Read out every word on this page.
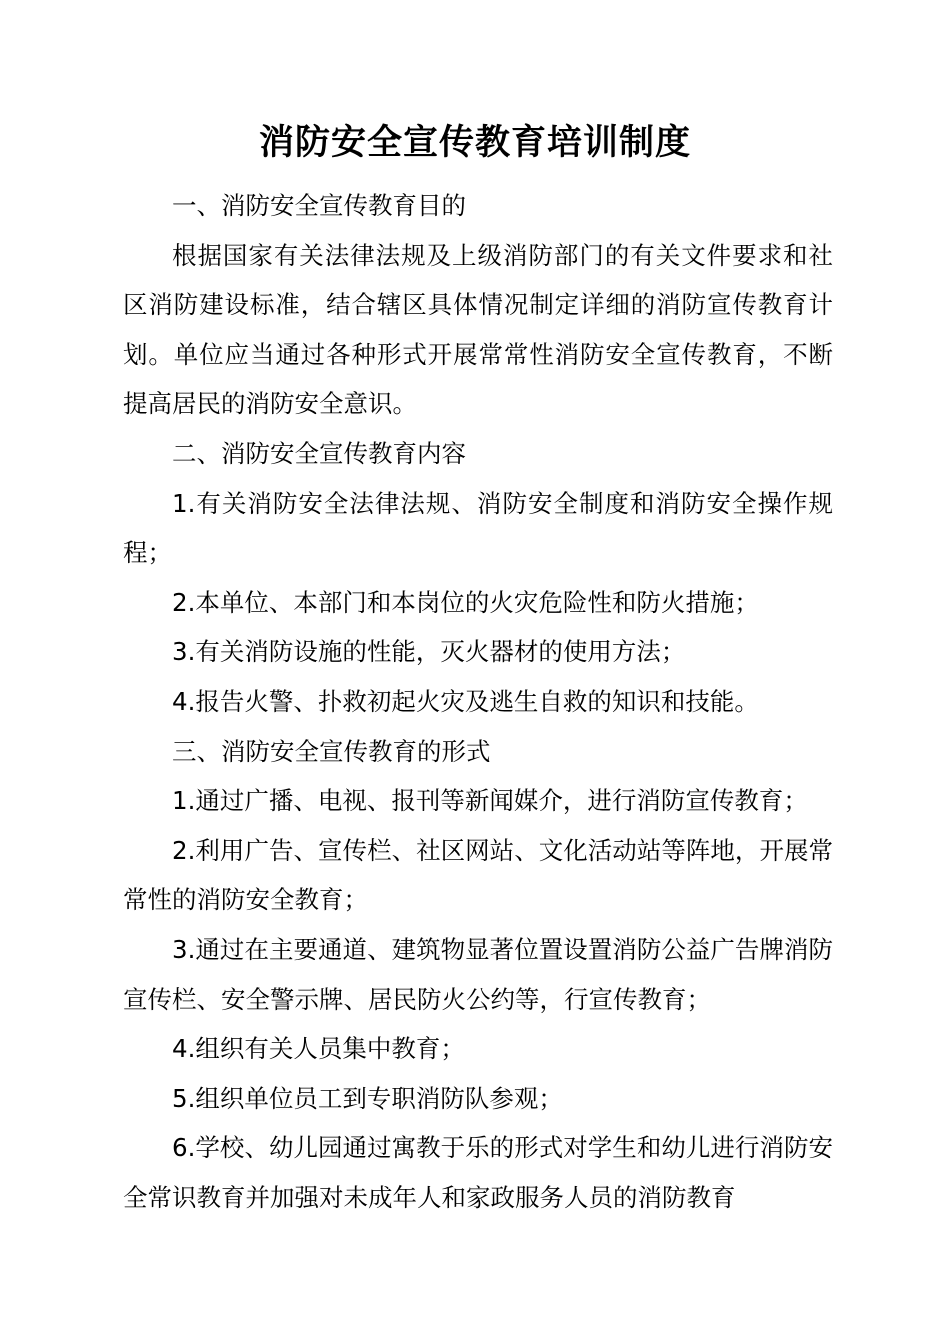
消防安全宣传教育培训制度

一、消防安全宣传教育目的

根据国家有关法律法规及上级消防部门的有关文件要求和社区消防建设标准，结合辖区具体情况制定详细的消防宣传教育计划。单位应当通过各种形式开展常常性消防安全宣传教育，不断提高居民的消防安全意识。

二、消防安全宣传教育内容

1.有关消防安全法律法规、消防安全制度和消防安全操作规程；

2.本单位、本部门和本岗位的火灾危险性和防火措施；

3.有关消防设施的性能，灭火器材的使用方法；

4.报告火警、扑救初起火灾及逃生自救的知识和技能。

三、消防安全宣传教育的形式

1.通过广播、电视、报刊等新闻媒介，进行消防宣传教育；

2.利用广告、宣传栏、社区网站、文化活动站等阵地，开展常常性的消防安全教育；

3.通过在主要通道、建筑物显著位置设置消防公益广告牌消防宣传栏、安全警示牌、居民防火公约等，行宣传教育；

4.组织有关人员集中教育；

5.组织单位员工到专职消防队参观；

6.学校、幼儿园通过寓教于乐的形式对学生和幼儿进行消防安全常识教育并加强对未成年人和家政服务人员的消防教育
